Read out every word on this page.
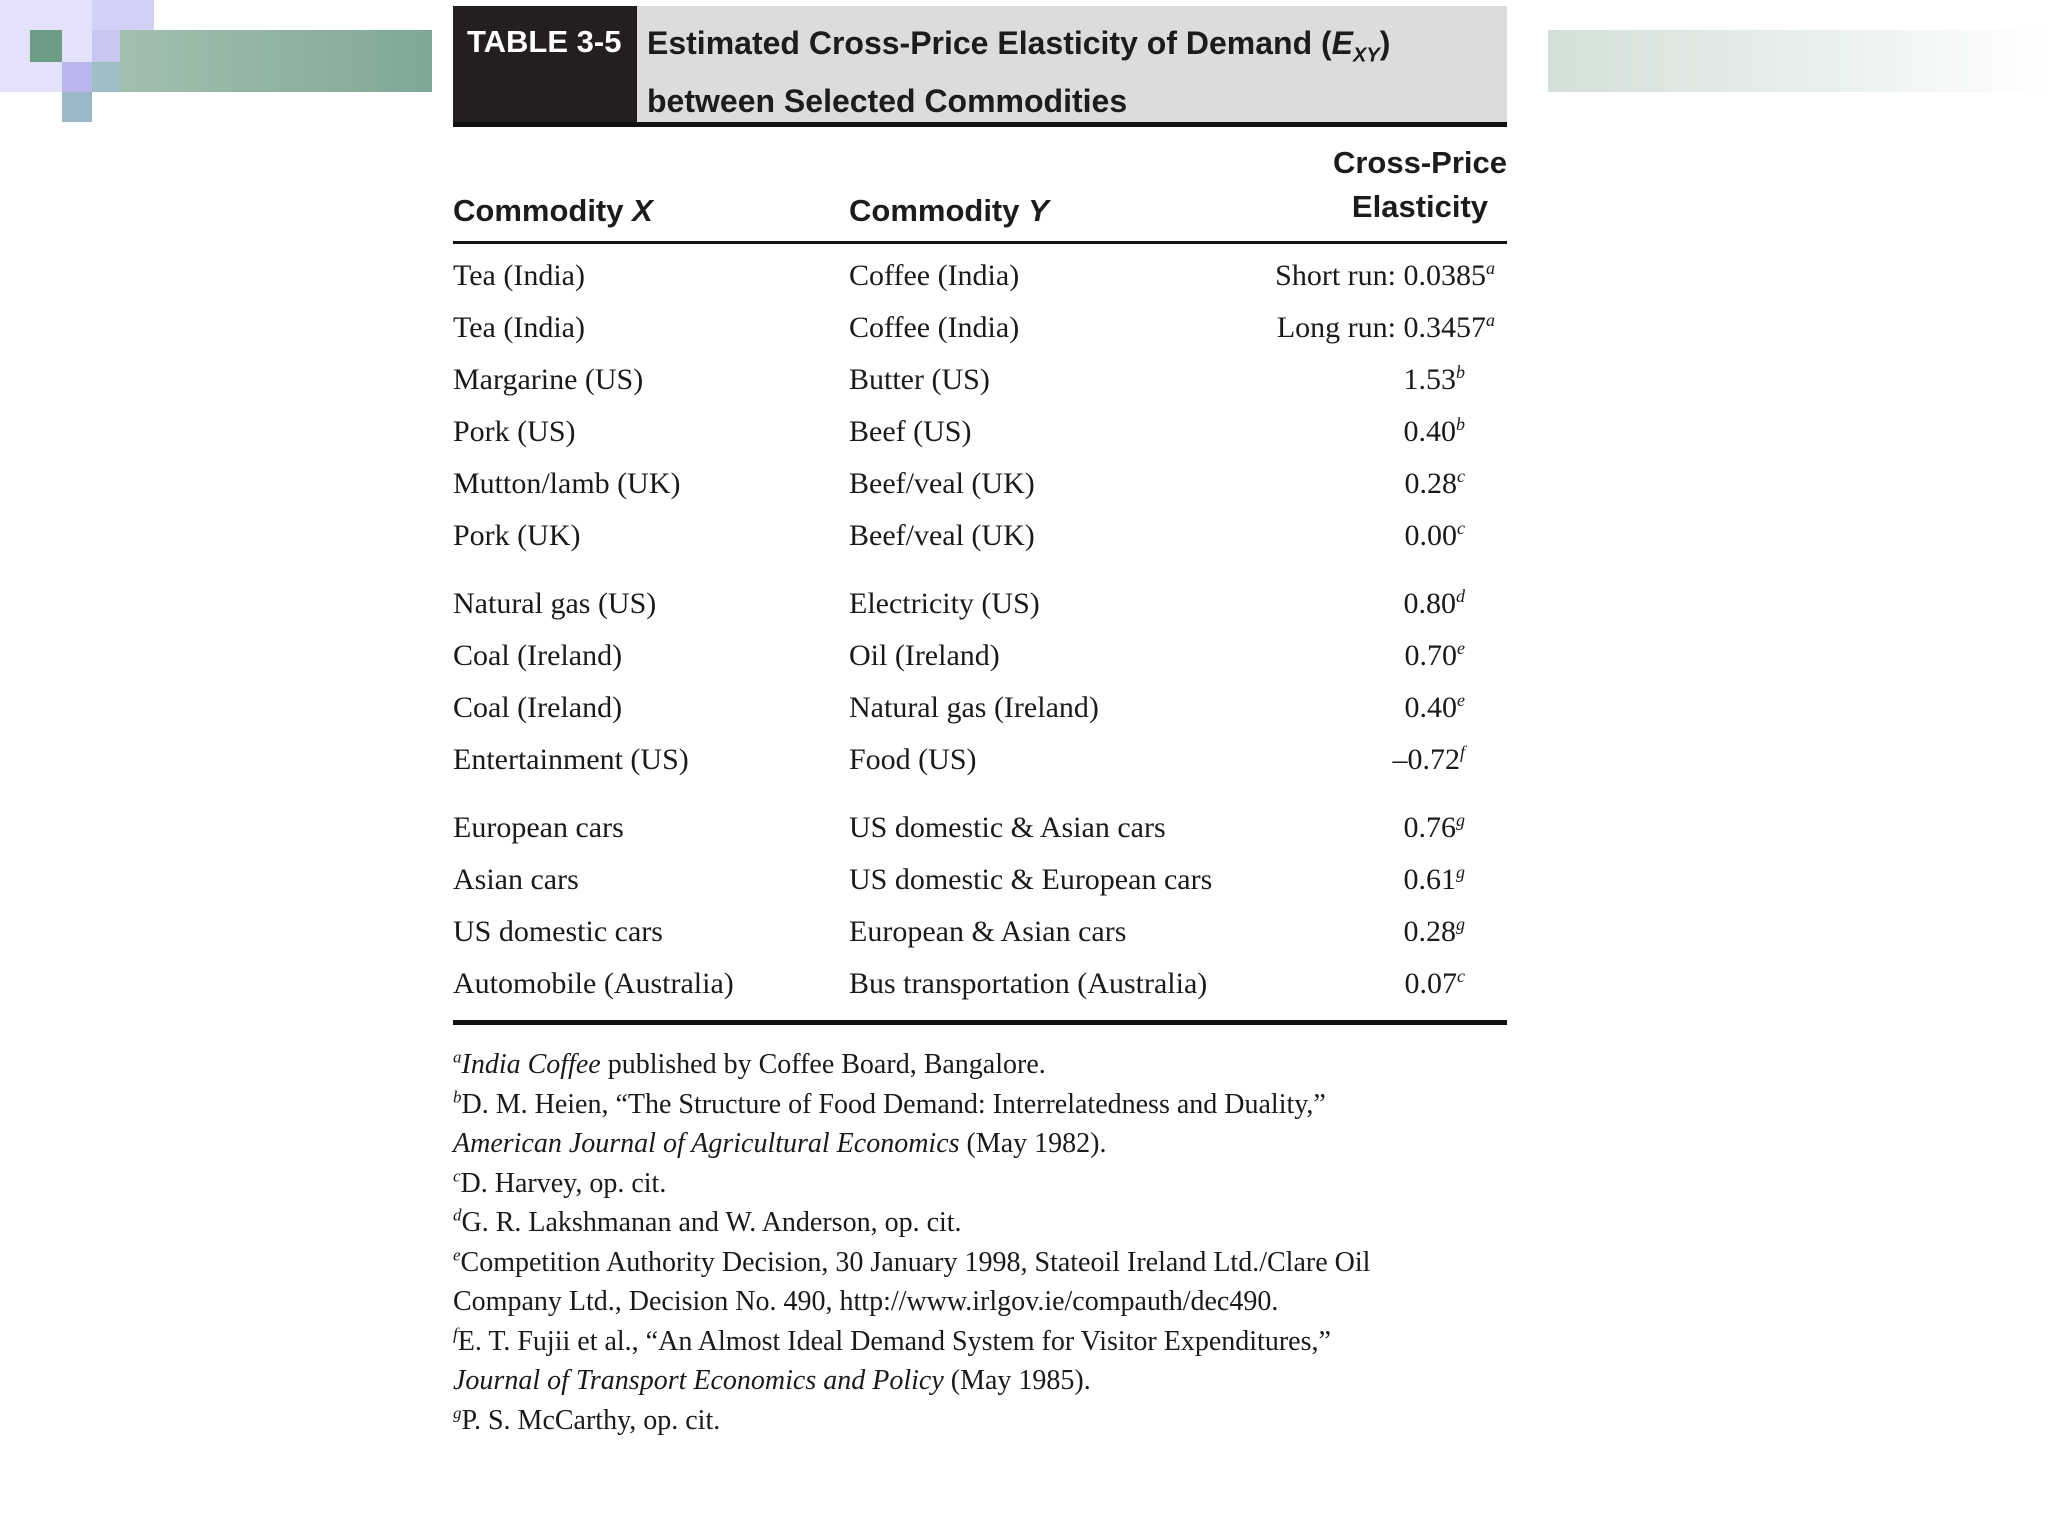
TABLE 3-5 Estimated Cross-Price Elasticity of Demand $(E_{XY})$
between Selected Commodities
Commodity X	Commodity Y
Cross-Price
Elasticity
Tea (India)	Coffee (India)	Short run: 0.0385$^a$
Tea (India)	Coffee (India)	Long run: 0.3457$^a$
Margarine (US)	Butter (US)	1.53$^b$
Pork (US)	Beef (US)	0.40$^b$
Mutton/lamb (UK)	Beef/veal (UK)	0.28$^c$
Pork (UK)	Beef/veal (UK)	0.00$^c$
Natural gas (US)	Electricity (US)	0.80$^d$
Coal (Ireland)	Oil (Ireland)	0.70e
Coal (Ireland)	Natural gas (Ireland)	0.40e
Entertainment (US)	Food (US)	–0.72$^f$
European cars	US domestic & Asian cars	0.76$^g$
Asian cars	US domestic & European cars	0.61$^g$
US domestic cars	European & Asian cars	0.28$^g$
Automobile (Australia)	Bus transportation (Australia)	0.07$^c$
$^a$India Coffee published by Coffee Board, Bangalore.
$^b$D. M. Heien, “The Structure of Food Demand: Interrelatedness and Duality,”
American Journal of Agricultural Economics (May 1982).
$^c$D. Harvey, op. cit.
$^d$G. R. Lakshmanan and W. Anderson, op. cit.
$^e$Competition Authority Decision, 30 January 1998, Stateoil Ireland Ltd./Clare Oil
Company Ltd., Decision No. 490, http://www.irlgov.ie/compauth/dec490.
$^f$E. T. Fujii et al., “An Almost Ideal Demand System for Visitor Expenditures,”
Journal of Transport Economics and Policy (May 1985).
$^g$P. S. McCarthy, op. cit.
